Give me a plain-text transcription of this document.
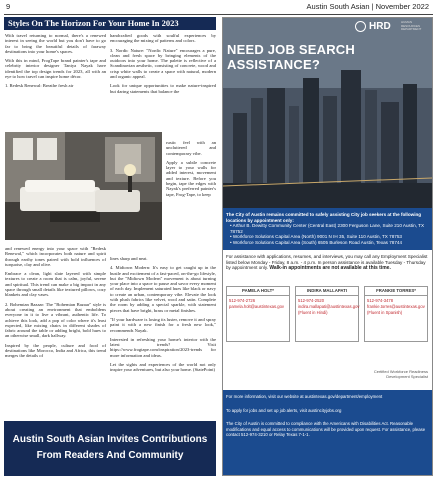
9	Austin South Asian | November 2022
Styles On The Horizon For Your Home In 2023

With travel returning to normal, there's a renewed interest in seeing the world but you don't have to go far to bring the beautiful details of faraway destinations into your home's spaces.

With this in mind, FrogTape brand painter's tape and celebrity interior designer Taniya Nayak have identified the top design trends for 2023, all with an eye to how travel can inspire home décor.

1. Redesk Renewal: Breathe fresh air

and renewed energy into your space with "Redesk Renewal," which incorporates both nature and spirit through earthy tones paired with bold influences of turquoise, clay and olive.

Embrace a clean, light slate layered with simple textures to create a room that is calm, joyful, serene and spiritual. This trend can make a big impact in any space through small details like textured pillows, cozy blankets and clay vases.

2. Bohemian Bazaar: The "Bohemian Bazaar" style is about creating an environment that emboldens everyone in it to live a vibrant, authentic life. To achieve this look, add a pop of color where it's least expected, like mixing chairs in different shades of fabric around the table or adding bright, bold hues to an otherwise small, dark hallway.

Inspired by the people, culture and food of destinations like Morocco, India and Africa, this trend merges the details of

handcrafted goods with soulful experiences by encouraging the mixing of patterns and colors.

3. Nordic Nature: "Nordic Nature" encourages a pure, clean and fresh space by bringing elements of the outdoors into your home. The palette is reflective of a Scandinavian aesthetic, consisting of concrete, wood and crisp white walls to create a space with natural, modern and organic appeal.

Look for unique opportunities to make nature-inspired but daring statements that balance the

rustic feel with an uncluttered and contemporary vibe.

Apply a subtle concrete layer to your walls for added interest, movement and texture. Before you begin, tape the edges with Nayak's preferred painter's tape, Frog-Tape, to keep

lines sharp and neat.

4. Midtown Modern: It's easy to get caught up in the bustle and excitement of a fast-paced, on-the-go lifestyle, but the "Midtown Modern" movement is about turning your place into a space to pause and savor every moment of each day. Implement saturated hues like black or navy to create an urban, contemporary vibe. Elevate the look with plush fabrics like velvet, wool and satin. Complete the room by adding a special sparkle, with statement pieces that have bright, brass or metal finishes.

"If your hardware is losing its luster, remove it and spray paint it with a new finish for a fresh new look," recommends Nayak.

Interested in refreshing your home's interior with the latest trends? Visit https://www.frogtape.com/inspiration/2023-trends for more information and ideas.

Let the sights and experiences of the world not only inspire your adventures, but also your home. (StatePoint)

Austin South Asian Invites Contributions
From Readers And Community
HRD	HUMAN RESOURCES DEPARTMENT
NEED JOB SEARCH
ASSISTANCE?
The City of Austin remains committed to safely assisting City job seekers at the following locations by appointment only:
• Arthur B. Dewitty Community Center (Central East) 2300 Ferguson Lane, Suite 210 Austin, TX 78752
• Workforce Solutions Capital Area (North) 9001 N IH 35, Suite 110 Austin, TX 78753
• Workforce Solutions Capital Area (South) 6505 Burleson Road Austin, Texas 78744
For assistance with applications, resumes, and interviews, you may call any Employment Specialist listed below Monday - Friday, 8 a.m. - 4 p.m. In person assistance is available Tuesday - Thursday by appointment only. Walk-in appointments are not available at this time.
PAMELA HOLT*
512-974-2726
pamela.holt@austintexas.gov
INDIRA MALLAPATI
512-974-2520
indira.mallapati@austintexas.gov
(Fluent in Hindi)
FRANKIE TORRES*
512-974-3478
frankie.torres@austintexas.gov
(Fluent in Spanish)
Certified Workforce Readiness Development Specialist

For more information, visit our website at austintexas.gov/department/employment

To apply for jobs and set up job alerts, visit austincityjobs.org

The City of Austin is committed to compliance with the Americans with Disabilities Act. Reasonable modifications and equal access to communications will be provided upon request. For assistance, please contact 512-974-3210 or Relay Texas 7-1-1.
